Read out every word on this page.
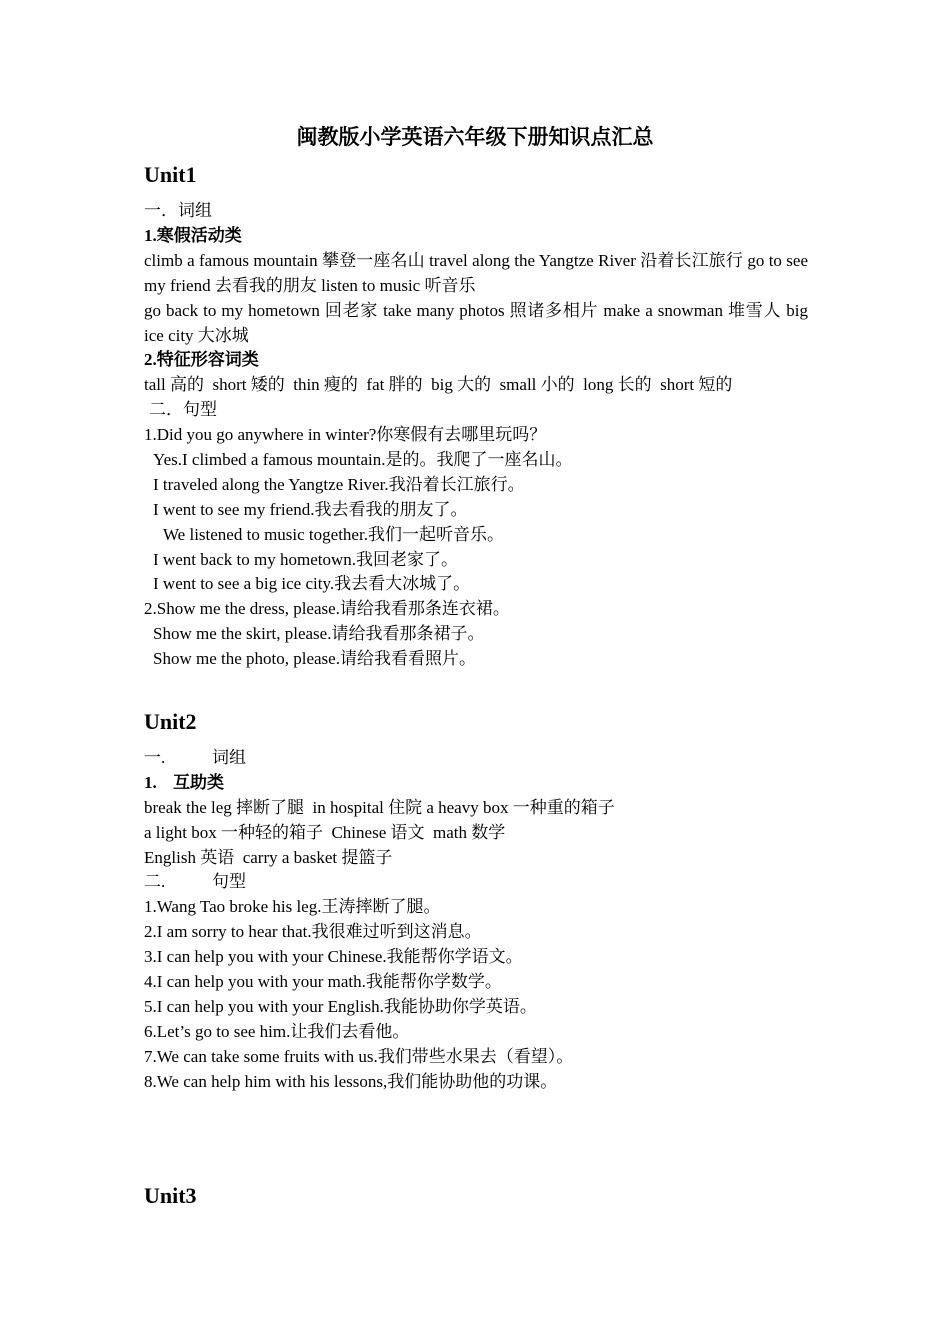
闽教版小学英语六年级下册知识点汇总
Unit1
一．词组
1.寒假活动类
climb a famous mountain 攀登一座名山 travel along the Yangtze River 沿着长江旅行 go to see my friend 去看我的朋友 listen to music 听音乐
go back to my hometown 回老家 take many photos 照诸多相片 make a snowman 堆雪人 big ice city 大冰城
2.特征形容词类
tall 高的  short 矮的  thin 瘦的  fat 胖的  big 大的  small 小的  long 长的  short 短的
二．句型
1.Did you go anywhere in winter?你寒假有去哪里玩吗？
Yes.I climbed a famous mountain.是的。我爬了一座名山。
I traveled along the Yangtze River.我沿着长江旅行。
I went to see my friend.我去看我的朋友了。
We listened to music together.我们一起听音乐。
I went back to my hometown.我回老家了。
I went to see a big ice city.我去看大冰城了。
2.Show me the dress, please.请给我看那条连衣裙。
Show me the skirt, please.请给我看那条裙子。
Show me the photo, please.请给我看看照片。
Unit2
一.	词组
1. 互助类
break the leg 摔断了腿  in hospital 住院 a heavy box 一种重的箱子
a light box 一种轻的箱子  Chinese 语文  math 数学
English 英语  carry a basket 提篮子
二.	句型
1.Wang Tao broke his leg.王涛摔断了腿。
2.I am sorry to hear that.我很难过听到这消息。
3.I can help you with your Chinese.我能帮你学语文。
4.I can help you with your math.我能帮你学数学。
5.I can help you with your English.我能协助你学英语。
6.Let’s go to see him.让我们去看他。
7.We can take some fruits with us.我们带些水果去（看望）。
8.We can help him with his lessons,我们能协助他的功课。
Unit3
